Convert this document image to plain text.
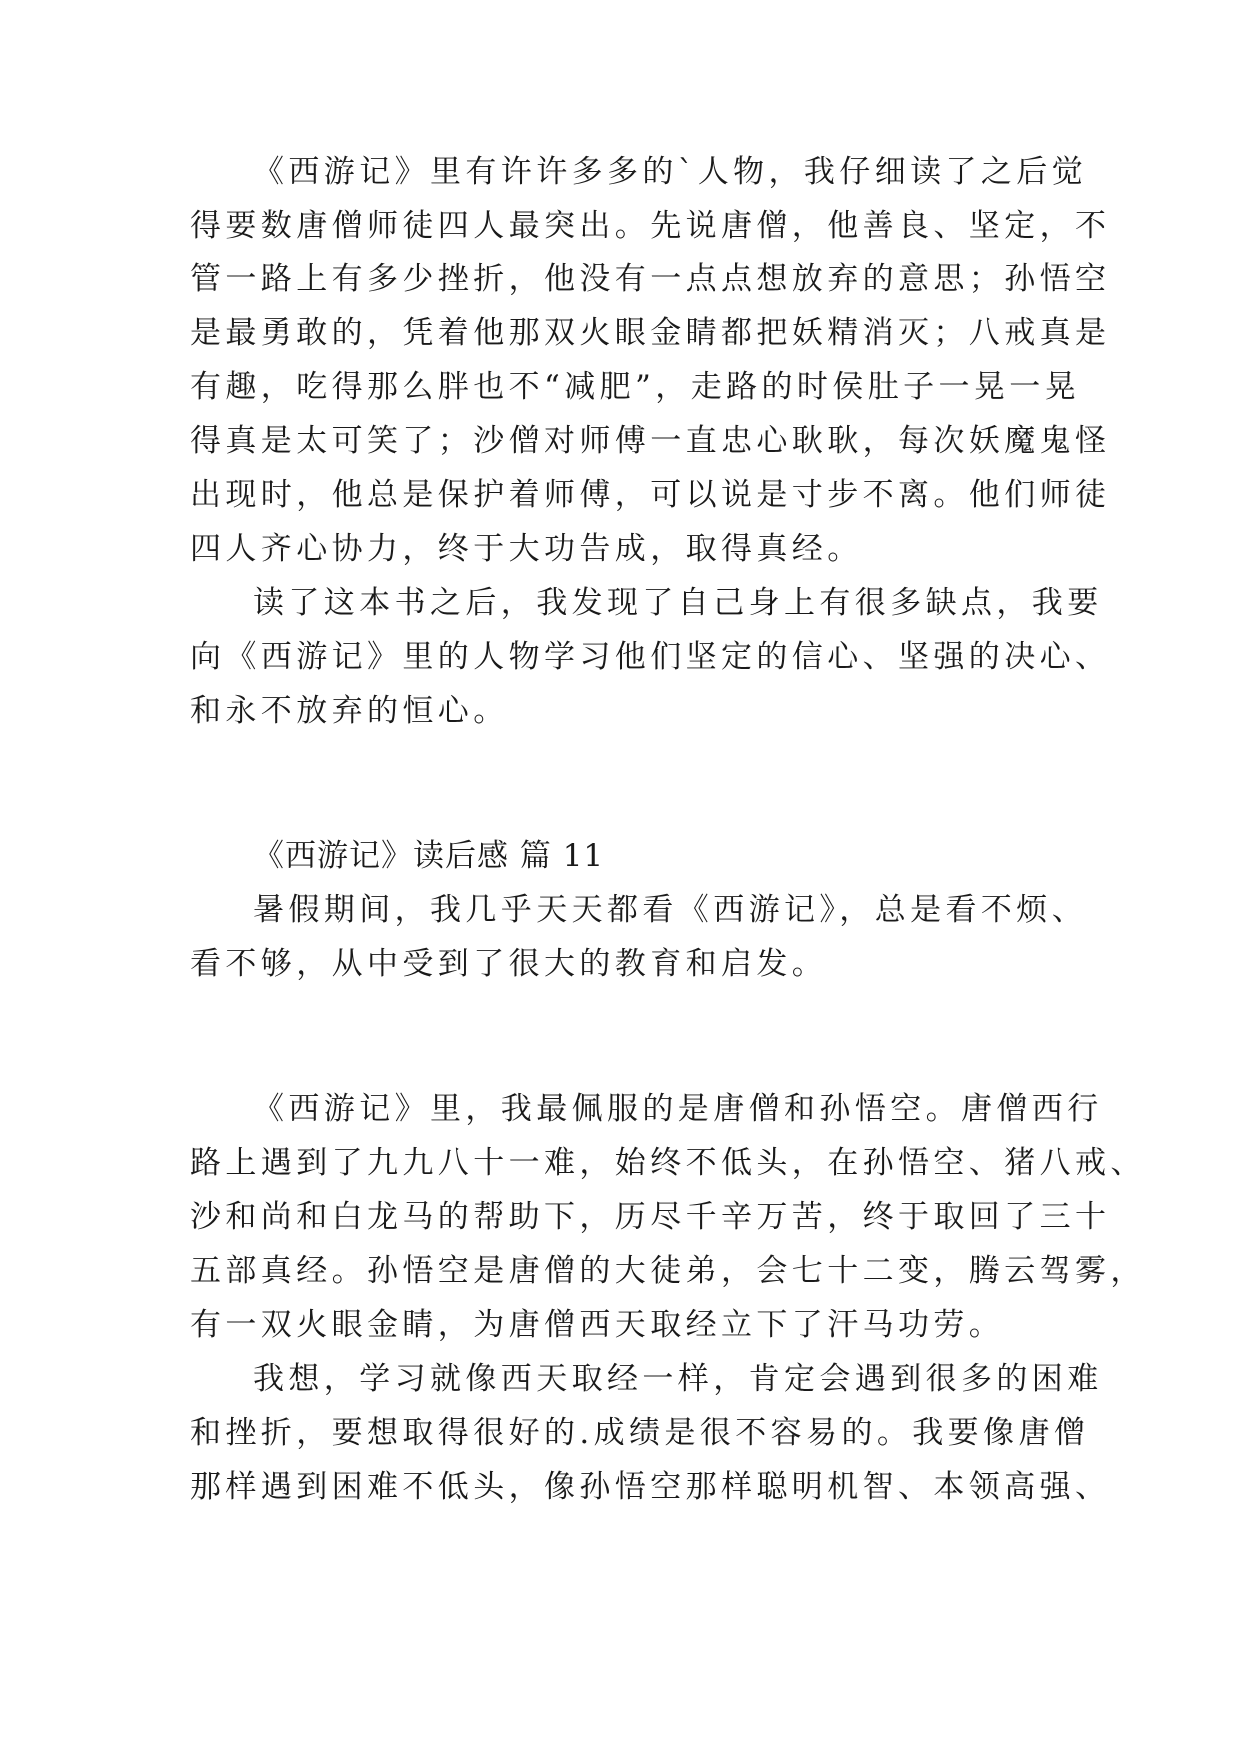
《西游记》里有许许多多的`人物，我仔细读了之后觉

得要数唐僧师徒四人最突出。先说唐僧，他善良、坚定，不

管一路上有多少挫折，他没有一点点想放弃的意思；孙悟空

是最勇敢的，凭着他那双火眼金睛都把妖精消灭；八戒真是

有趣，吃得那么胖也不“减肥”，走路的时侯肚子一晃一晃

得真是太可笑了；沙僧对师傅一直忠心耿耿，每次妖魔鬼怪

出现时，他总是保护着师傅，可以说是寸步不离。他们师徒

四人齐心协力，终于大功告成，取得真经。

读了这本书之后，我发现了自己身上有很多缺点，我要

向《西游记》里的人物学习他们坚定的信心、坚强的决心、

和永不放弃的恒心。

《西游记》读后感 篇 11

暑假期间，我几乎天天都看《西游记》，总是看不烦、

看不够，从中受到了很大的教育和启发。

《西游记》里，我最佩服的是唐僧和孙悟空。唐僧西行

路上遇到了九九八十一难，始终不低头，在孙悟空、猪八戒、

沙和尚和白龙马的帮助下，历尽千辛万苦，终于取回了三十

五部真经。孙悟空是唐僧的大徒弟，会七十二变，腾云驾雾，

有一双火眼金睛，为唐僧西天取经立下了汗马功劳。

我想，学习就像西天取经一样，肯定会遇到很多的困难

和挫折，要想取得很好的.成绩是很不容易的。我要像唐僧

那样遇到困难不低头，像孙悟空那样聪明机智、本领高强、
